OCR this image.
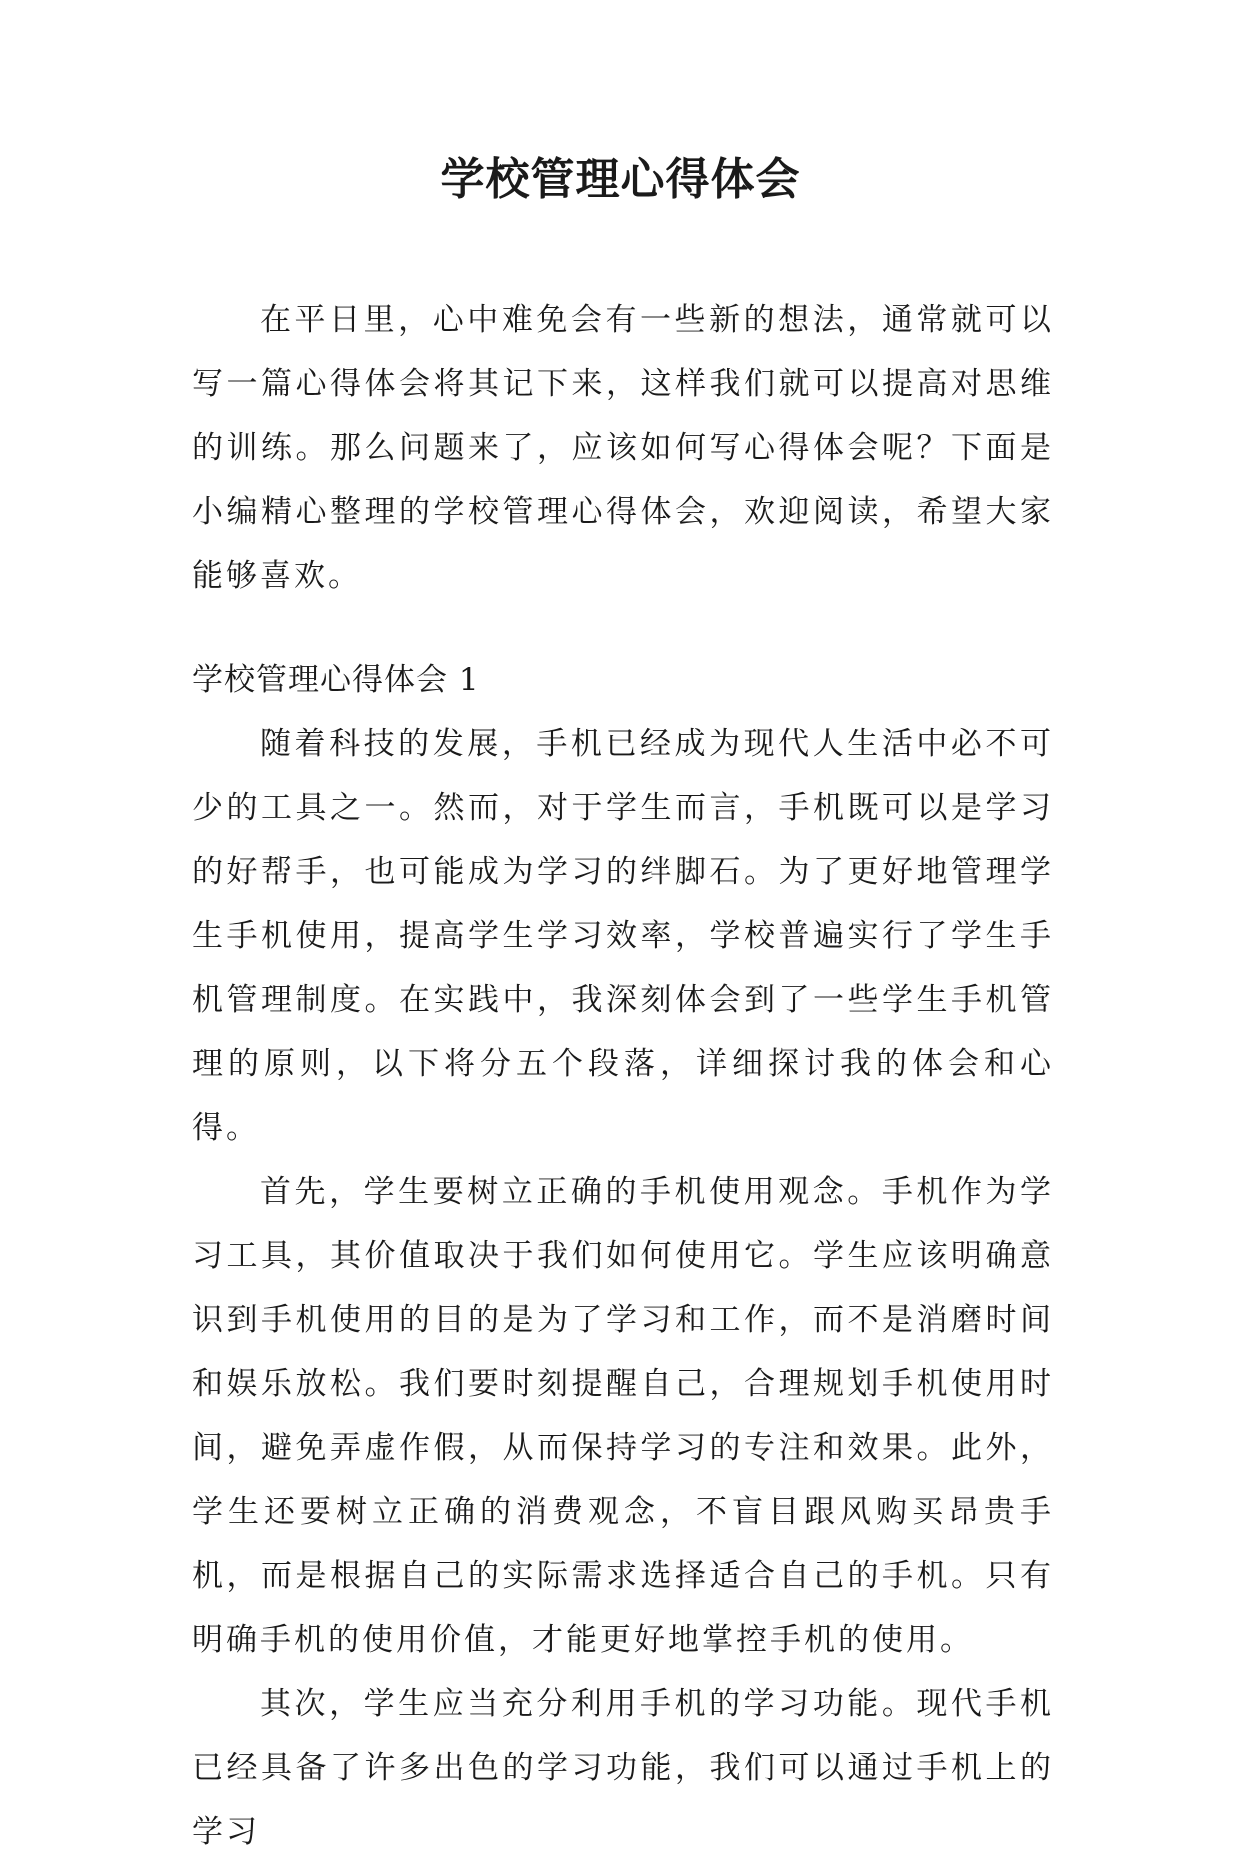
学校管理心得体会

在平日里，心中难免会有一些新的想法，通常就可以写一篇心得体会将其记下来，这样我们就可以提高对思维的训练。那么问题来了，应该如何写心得体会呢？下面是小编精心整理的学校管理心得体会，欢迎阅读，希望大家能够喜欢。

学校管理心得体会 1

随着科技的发展，手机已经成为现代人生活中必不可少的工具之一。然而，对于学生而言，手机既可以是学习的好帮手，也可能成为学习的绊脚石。为了更好地管理学生手机使用，提高学生学习效率，学校普遍实行了学生手机管理制度。在实践中，我深刻体会到了一些学生手机管理的原则，以下将分五个段落，详细探讨我的体会和心得。

首先，学生要树立正确的手机使用观念。手机作为学习工具，其价值取决于我们如何使用它。学生应该明确意识到手机使用的目的是为了学习和工作，而不是消磨时间和娱乐放松。我们要时刻提醒自己，合理规划手机使用时间，避免弄虚作假，从而保持学习的专注和效果。此外，学生还要树立正确的消费观念，不盲目跟风购买昂贵手机，而是根据自己的实际需求选择适合自己的手机。只有明确手机的使用价值，才能更好地掌控手机的使用。

其次，学生应当充分利用手机的学习功能。现代手机已经具备了许多出色的学习功能，我们可以通过手机上的学习
